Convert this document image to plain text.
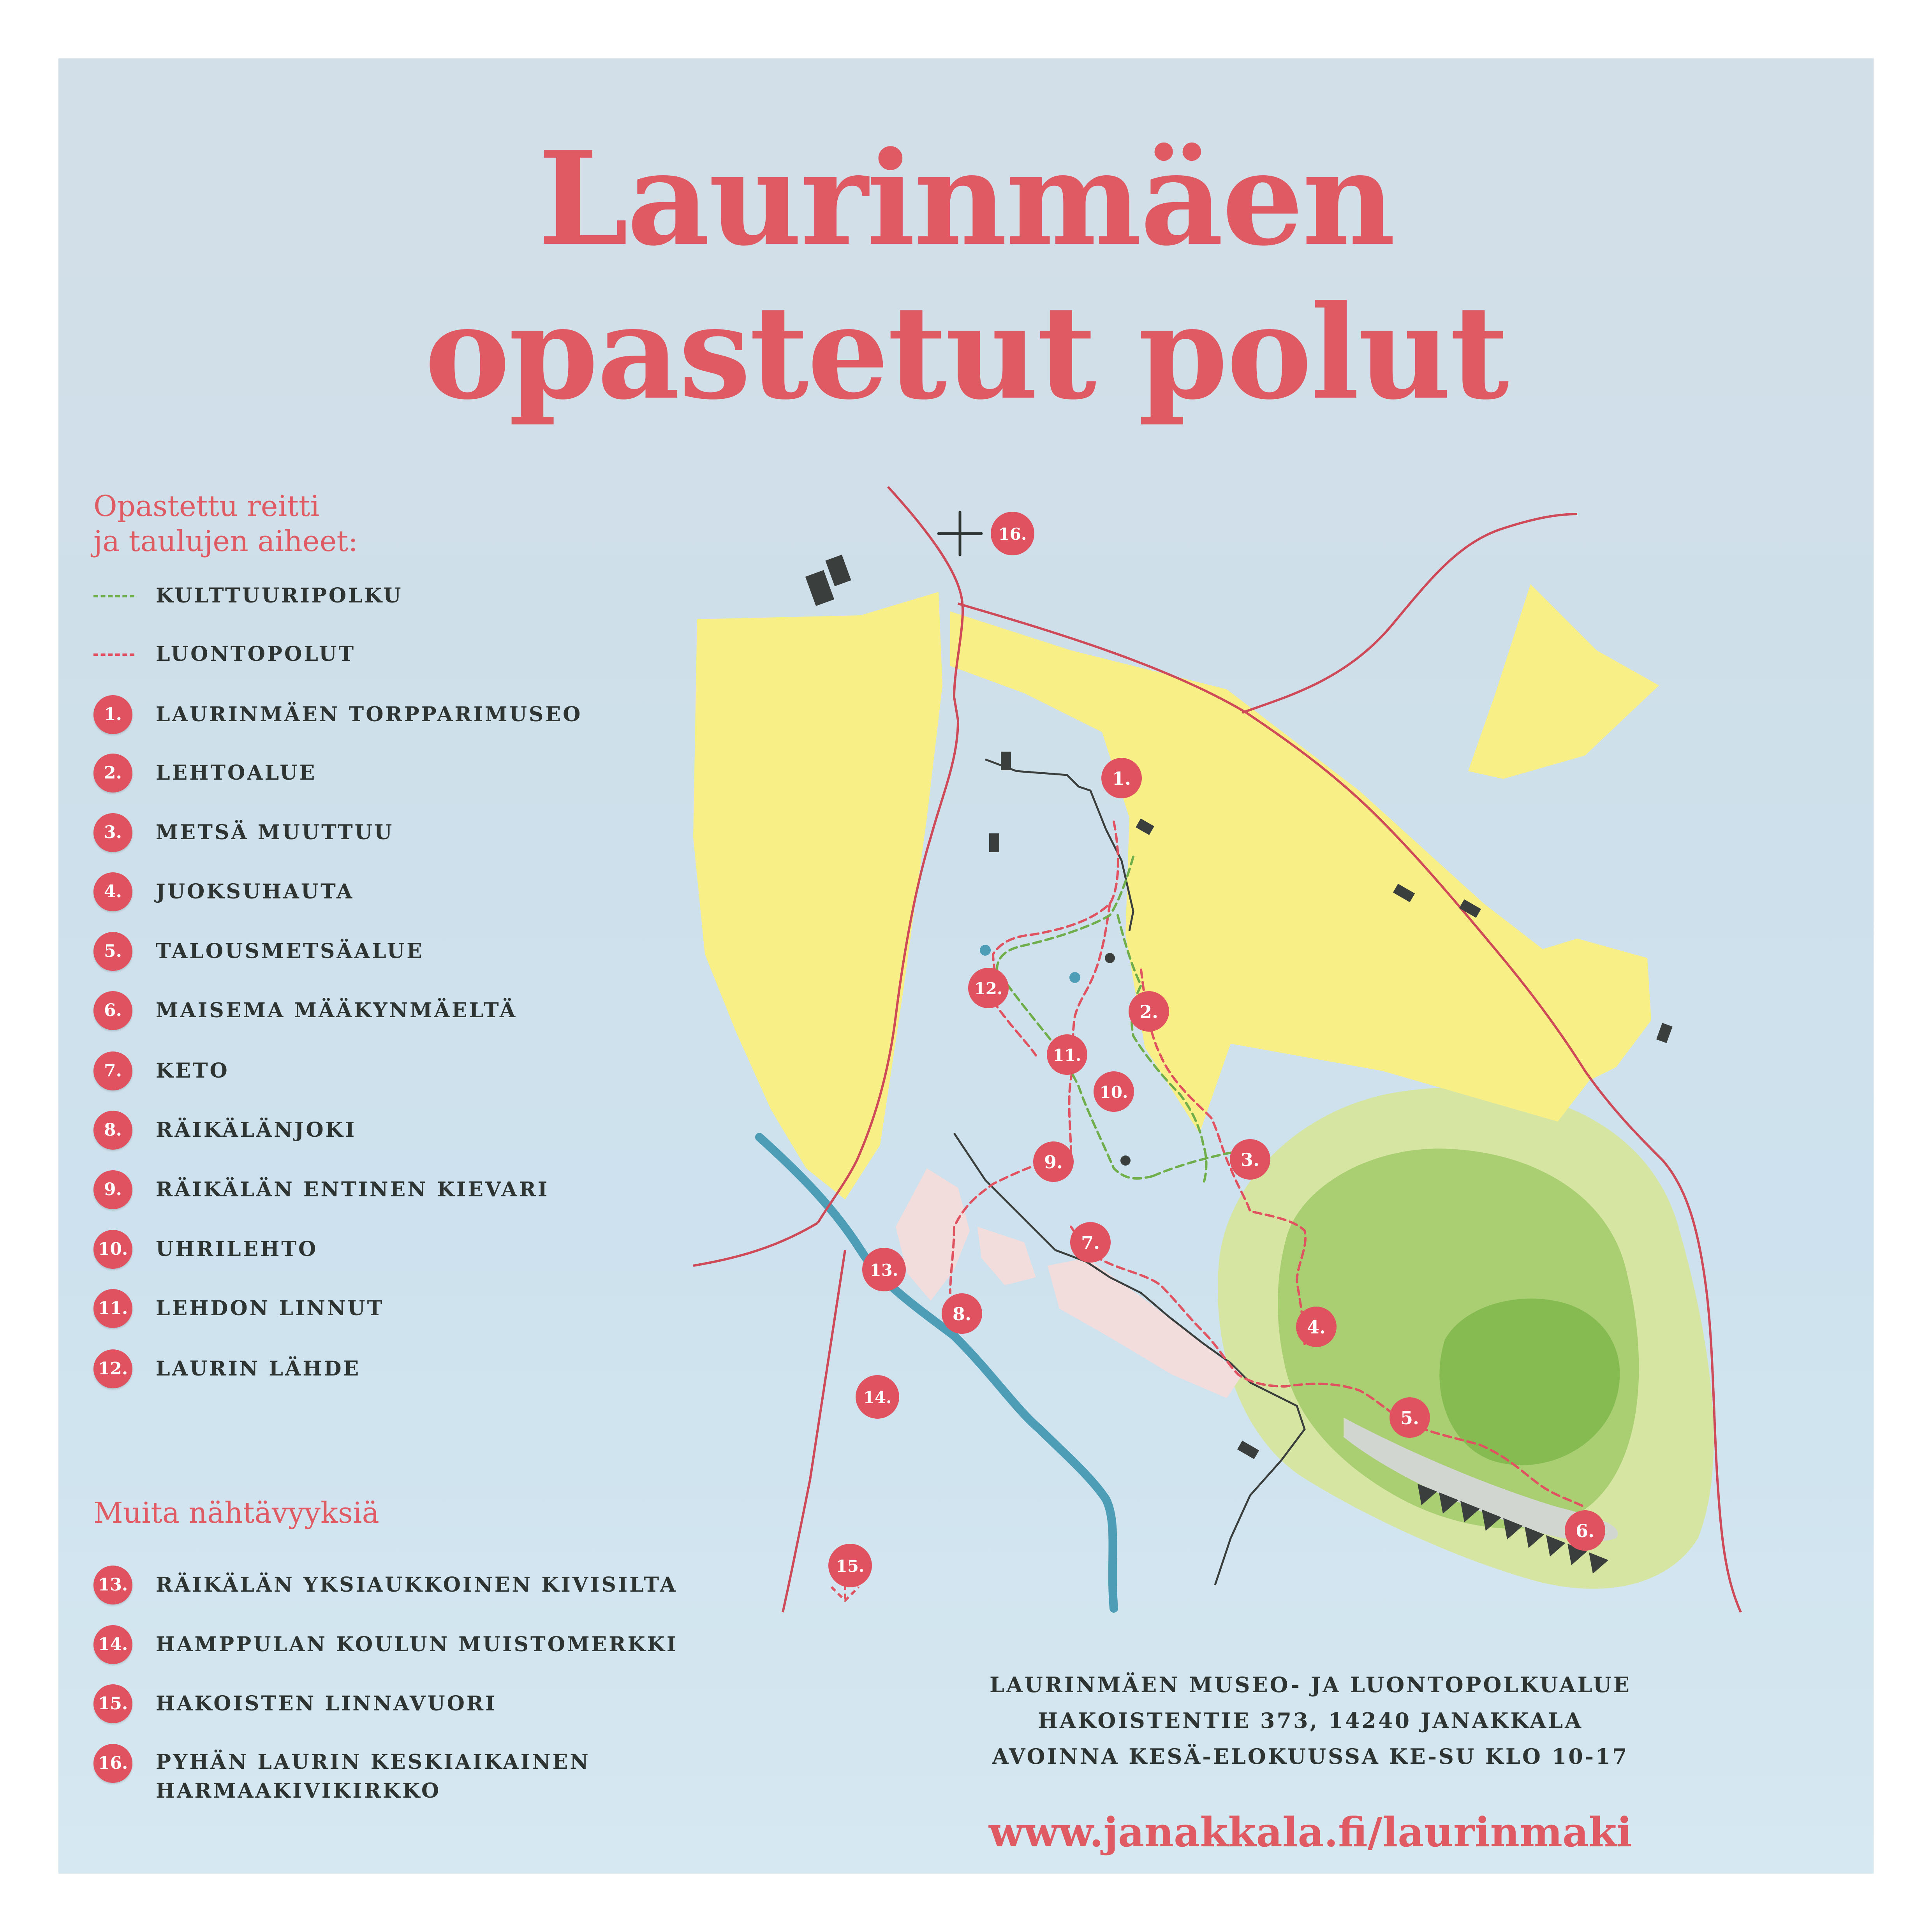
Laurinmäen
opastetut polut
Opastettu reitti
ja taulujen aiheet:
KULTTUURIPOLKU
LUONTOPOLUT
1.	LAURINMÄEN TORPPARIMUSEO
2.	LEHTOALUE
3.	METSÄ MUUTTUU
4.	JUOKSUHAUTA
5.	TALOUSMETSÄALUE
6.	MAISEMA MÄÄKYNMÄELTÄ
7.	KETO
8.	RÄIKÄLÄNJOKI
9.	RÄIKÄLÄN ENTINEN KIEVARI
10. UHRILEHTO
11. LEHDON LINNUT
12. LAURIN LÄHDE
Muita nähtävyyksiä
13. RÄIKÄLÄN YKSIAUKKOINEN KIVISILTA
14. HAMPPULAN KOULUN MUISTOMERKKI
15. HAKOISTEN LINNAVUORI
16. PYHÄN LAURIN KESKIAIKAINEN HARMAAKIVIKIRKKO
1.
2.
3.
4.
5.
6.
7.
8.
9.
10.
11.
12.
13.
14.
15.
16.
LAURINMÄEN MUSEO- JA LUONTOPOLKUALUE
HAKOISTENTIE 373, 14240 JANAKKALA
AVOINNA KESÄ-ELOKUUSSA KE-SU KLO 10-17
www.janakkala.fi/laurinmaki
